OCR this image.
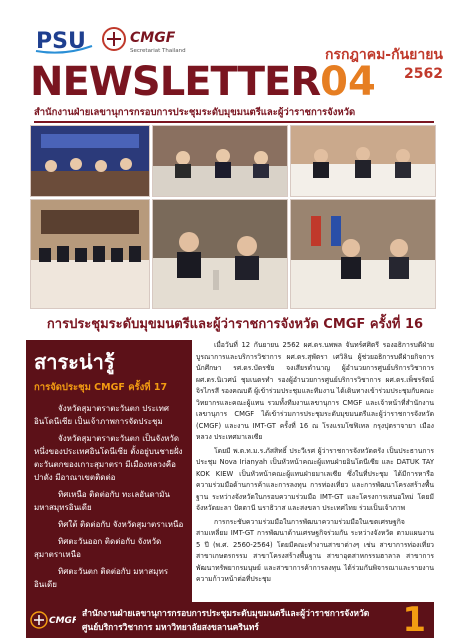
PSU	CMGF
Secretariat Thailand	กรกฎาคม-กันยายน 2562
NEWSLETTER04
สำนักงานฝ่ายเลขานุการกรอบการประชุมระดับมุขมนตรีและผู้ว่าราชการจังหวัด
การประชุมระดับมุขมนตรีและผู้ว่าราชการจังหวัด CMGF ครั้งที่ 16
สาระน่ารู้
การจัดประชุม CMGF ครั้งที่ 17

จังหวัดสุมาตราตะวันตก ประเทศอินโดนีเซีย เป็นเจ้าภาพการจัดประชุม

จังหวัดสุมาตราตะวันตก เป็นจังหวัดหนึ่งของประเทศอินโดนีเซีย ตั้งอยู่บนชายฝั่งตะวันตกของเกาะสุมาตรา มีเมืองหลวงคือ ปาดัง มีอาณาเขตติดต่อ

ทิศเหนือ ติดต่อกับ ทะเลอันดามันมหาสมุทรอินเดีย

ทิศใต้ ติดต่อกับ จังหวัดสุมาตราเหนือ

ทิศตะวันออก ติดต่อกับ จังหวัดสุมาตราเหนือ

ทิศตะวันตก ติดต่อกับ มหาสมุทรอินเดีย

เมื่อวันที่ 12 กันยายน 2562 ผศ.ดร.นพพล จันทร์ศศิตรี รองอธิการบดีฝ่ายบูรณาการและบริการวิชาการ ผศ.ดร.สุพัตรา เศวิลิน ผู้ช่วยอธิการบดีฝ่ายกิจการนักศึกษา รศ.ดร.บัดรชัย จงเสียรดำนาญ ผู้อำนวยการศูนย์บริการวิชาการ ผศ.ดร.นิเวศน์ ชุมเนตรทำ รองผู้อำนวยการศูนย์บริการวิชาการ ผศ.ดร.เพ็ชรรัตน์ จิรไกรสี รองคณบดี ผู้เข้าร่วมประชุมและทีมงาน ได้เดินทางเข้าร่วมประชุมกับคณะวิทยากรและคณะผู้แทน รวมทั้งทีมงานเลขานุการ CMGF และเจ้าหน้าที่สำนักงานเลขานุการ CMGF ได้เข้าร่วมการประชุมระดับมุขมนตรีและผู้ว่าราชการจังหวัด (CMGF) และงาน IMT-GT ครั้งที่ 16 ณ โรงแรมโซฟิเทล กรุงปุตราจายา เมืองหลวง ประเทศมาเลเซีย

โดยมี พ.ต.ท.ม.ร.ภัสสิทธิ์ ประวีเรศ ผู้ว่าราชการจังหวัดตรัง เป็นประธานการประชุม Nova Irianyah เป็นหัวหน้าคณะผู้แทนฝ่ายอินโดนีเซีย และ DATUK TAY KOK KIEW เป็นหัวหน้าคณะผู้แทนฝ่ายมาเลเซีย ซึ่งในที่ประชุม ได้มีการหารือความร่วมมือด้านการค้าและการลงทุน การท่องเที่ยว และการพัฒนาโครงสร้างพื้นฐาน ระหว่างจังหวัดในกรอบความร่วมมือ IMT-GT และโครงการเสนอใหม่ โดยมีจังหวัดยะลา ปัตตานี นราธิวาส และสงขลา ประเทศไทย ร่วมเป็นเจ้าภาพ

การกระชับความร่วมมือในการพัฒนาความร่วมมือในเขตเศรษฐกิจสามเหลี่ยม IMT-GT การพัฒนาด้านเศรษฐกิจร่วมกัน ระหว่างจังหวัด ตามแผนงาน 5 ปี (พ.ศ. 2560-2564) โดยมีคณะทำงานสาขาต่างๆ เช่น สาขาการท่องเที่ยว สาขาเกษตรกรรม สาขาโครงสร้างพื้นฐาน สาขาอุตสาหกรรมฮาลาล สาขาการพัฒนาทรัพยากรมนุษย์ และสาขาการค้าการลงทุน ได้ร่วมกันพิจารณาและรายงานความก้าวหน้าต่อที่ประชุม

CMGF
สำนักงานฝ่ายเลขานุการกรอบการประชุมระดับมุขมนตรีและผู้ว่าราชการจังหวัด
ศูนย์บริการวิชาการ มหาวิทยาลัยสงขลานครินทร์	1
